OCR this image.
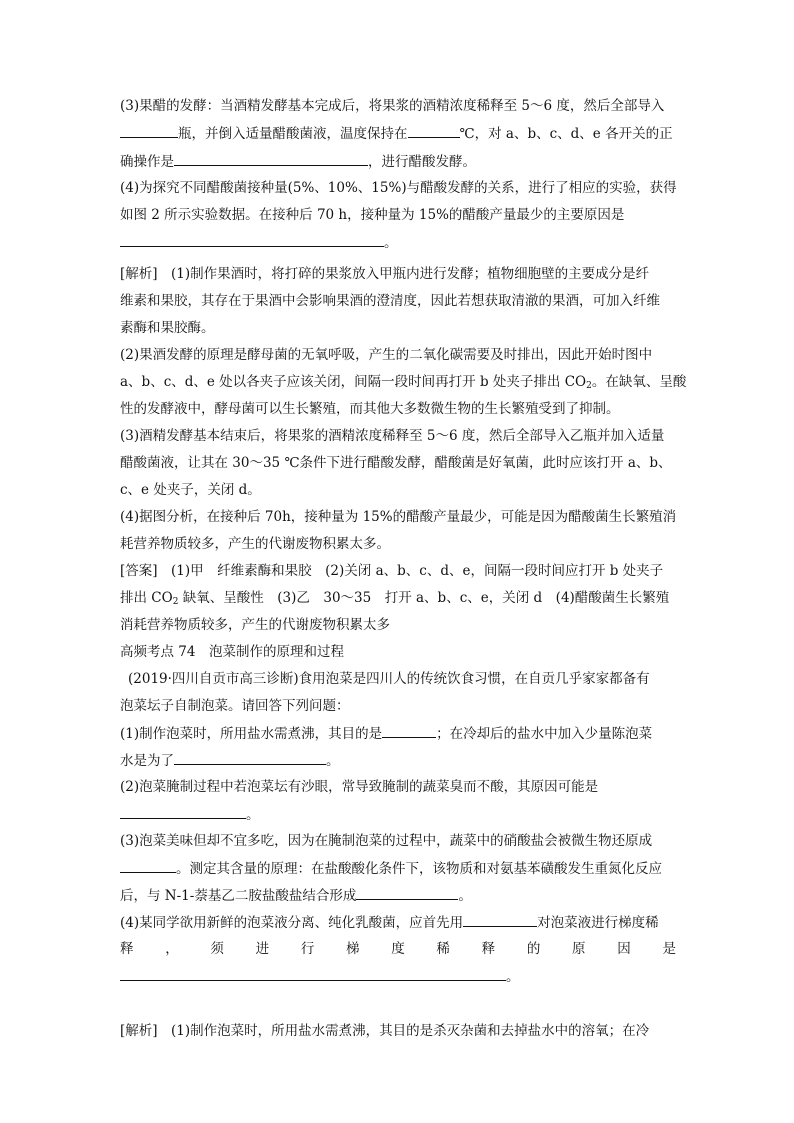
(3)果醋的发酵：当酒精发酵基本完成后，将果浆的酒精浓度稀释至 5～6 度，然后全部导入
瓶，并倒入适量醋酸菌液，温度保持在	℃，对 a、b、c、d、e 各开关的正
确操作是	，进行醋酸发酵。
(4)为探究不同醋酸菌接种量(5%、10%、15%)与醋酸发酵的关系，进行了相应的实验，获得
如图 2 所示实验数据。在接种后 70 h，接种量为 15%的醋酸产量最少的主要原因是
。
[解析]　(1)制作果酒时，将打碎的果浆放入甲瓶内进行发酵；植物细胞壁的主要成分是纤
维素和果胶，其存在于果酒中会影响果酒的澄清度，因此若想获取清澈的果酒，可加入纤维
素酶和果胶酶。
(2)果酒发酵的原理是酵母菌的无氧呼吸，产生的二氧化碳需要及时排出，因此开始时图中
a、b、c、d、e 处以各夹子应该关闭，间隔一段时间再打开 b 处夹子排出 $CO_2$。在缺氧、呈酸
性的发酵液中，酵母菌可以生长繁殖，而其他大多数微生物的生长繁殖受到了抑制。
(3)酒精发酵基本结束后，将果浆的酒精浓度稀释至 5～6 度，然后全部导入乙瓶并加入适量
醋酸菌液，让其在 30～35 ℃条件下进行醋酸发酵，醋酸菌是好氧菌，此时应该打开 a、b、
c、e 处夹子，关闭 d。
(4)据图分析，在接种后 70h，接种量为 15%的醋酸产量最少，可能是因为醋酸菌生长繁殖消
耗营养物质较多，产生的代谢废物积累太多。
[答案]　(1)甲　纤维素酶和果胶　(2)关闭 a、b、c、d、e，间隔一段时间应打开 b 处夹子
排出 $CO_2$ 缺氧、呈酸性　(3)乙　30～35　打开 a、b、c、e，关闭 d　(4)醋酸菌生长繁殖
消耗营养物质较多，产生的代谢废物积累太多
高频考点 74　泡菜制作的原理和过程
(2019·四川自贡市高三诊断)食用泡菜是四川人的传统饮食习惯，在自贡几乎家家都备有
泡菜坛子自制泡菜。请回答下列问题：
(1)制作泡菜时，所用盐水需煮沸，其目的是	；在冷却后的盐水中加入少量陈泡菜
水是为了	。
(2)泡菜腌制过程中若泡菜坛有沙眼，常导致腌制的蔬菜臭而不酸，其原因可能是
。
(3)泡菜美味但却不宜多吃，因为在腌制泡菜的过程中，蔬菜中的硝酸盐会被微生物还原成
。测定其含量的原理：在盐酸酸化条件下，该物质和对氨基苯磺酸发生重氮化反应
后，与 N-1-萘基乙二胺盐酸盐结合形成	。
(4)某同学欲用新鲜的泡菜液分离、纯化乳酸菌，应首先用	对泡菜液进行梯度稀
释 ， 须 进 行 梯 度 稀 释 的 原 因 是
。
[解析]　(1)制作泡菜时，所用盐水需煮沸，其目的是杀灭杂菌和去掉盐水中的溶氧；在冷
